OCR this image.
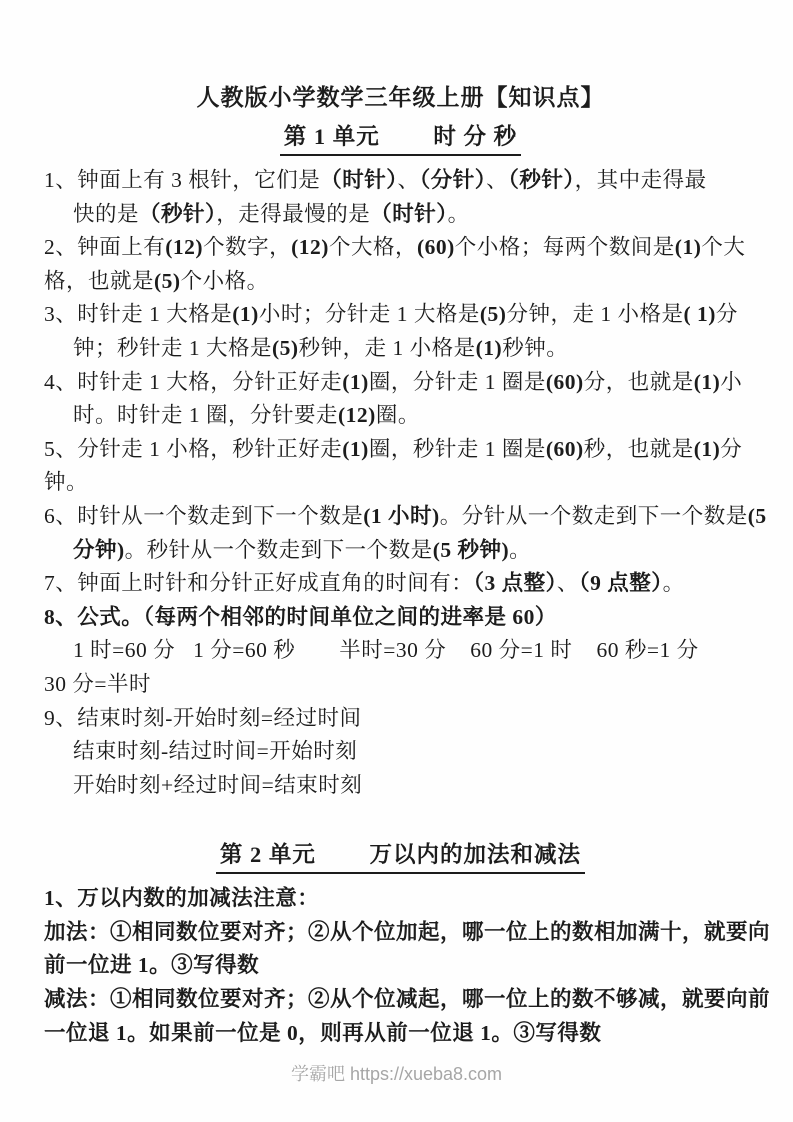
人教版小学数学三年级上册【知识点】
第 1 单元　　 时 分 秒
1、钟面上有 3 根针，它们是（时针）、（分针）、（秒针），其中走得最
快的是（秒针），走得最慢的是（时针）。
2、钟面上有(12)个数字，(12)个大格，(60)个小格；每两个数间是(1)个大
格，也就是(5)个小格。
3、时针走 1 大格是(1)小时；分针走 1 大格是(5)分钟，走 1 小格是( 1)分
钟；秒针走 1 大格是(5)秒钟，走 1 小格是(1)秒钟。
4、时针走 1 大格，分针正好走(1)圈，分针走 1 圈是(60)分，也就是(1)小
时。时针走 1 圈，分针要走(12)圈。
5、分针走 1 小格，秒针正好走(1)圈，秒针走 1 圈是(60)秒，也就是(1)分
钟。
6、时针从一个数走到下一个数是(1 小时)。分针从一个数走到下一个数是(5
分钟)。秒针从一个数走到下一个数是(5 秒钟)。
7、钟面上时针和分针正好成直角的时间有：（3 点整）、（9 点整）。
8、公式。（每两个相邻的时间单位之间的进率是 60）
1 时=60 分 1 分=60 秒 半时=30 分 60 分=1 时 60 秒=1 分
30 分=半时
9、结束时刻-开始时刻=经过时间
结束时刻-结过时间=开始时刻
开始时刻+经过时间=结束时刻
第 2 单元　　 万以内的加法和减法
1、万以内数的加减法注意：
加法：①相同数位要对齐；②从个位加起，哪一位上的数相加满十，就要向
前一位进 1。③写得数
减法：①相同数位要对齐；②从个位减起，哪一位上的数不够减，就要向前
一位退 1。如果前一位是 0，则再从前一位退 1。③写得数
学霸吧 https://xueba8.com
